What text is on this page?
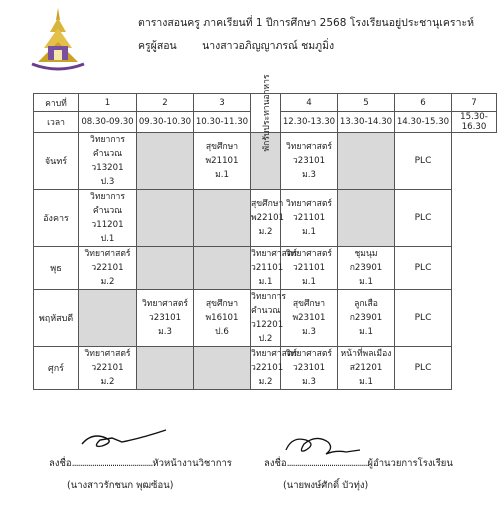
ตารางสอนครู ภาคเรียนที่ 1 ปีการศึกษา 2568 โรงเรียนอยู่ประชานุเคราะห์
ครูผู้สอน นางสาวอภิญญาภรณ์ ชมภูมิ่ง
คาบที่	1	2	3	พักรับประทานอาหาร	4	5	6	7
เวลา	08.30-09.30	09.30-10.30	10.30-11.30		12.30-13.30	13.30-14.30	14.30-15.30	15.30-16.30
จันทร์	วิทยาการคำนวณ
ว13201
ป.3		สุขศึกษา
พ21101
ม.1		วิทยาศาสตร์
ว23101
ม.3		PLC	

อังคาร	วิทยาการคำนวณ
ว11201
ป.1			สุขศึกษา
พ22101
ม.2	วิทยาศาสตร์
ว21101
ม.1		PLC	

พุธ	วิทยาศาสตร์
ว22101
ม.2			วิทยาศาสตร์
ว21101
ม.1	วิทยาศาสตร์
ว21101
ม.1	ชุมนุม
ก23901
ม.1	PLC	

พฤหัสบดี		วิทยาศาสตร์
ว23101
ม.3	สุขศึกษา
พ16101
ป.6	วิทยาการคำนวณ
ว12201
ป.2	สุขศึกษา
พ23101
ม.3	ลูกเสือ
ก23901
ม.1	PLC	

ศุกร์	วิทยาศาสตร์
ว22101
ม.2			วิทยาศาสตร์
ว22101
ม.2	วิทยาศาสตร์
ว23101
ม.3	หน้าที่พลเมือง
ส21201
ม.1	PLC	
ลงชื่อ........................................หัวหน้างานวิชาการ
(นางสาวรักชนก พุฒซ้อน)
ลงชื่อ........................................ผู้อำนวยการโรงเรียน
(นายพงษ์ศักดิ์ บัวทุ่ง)
